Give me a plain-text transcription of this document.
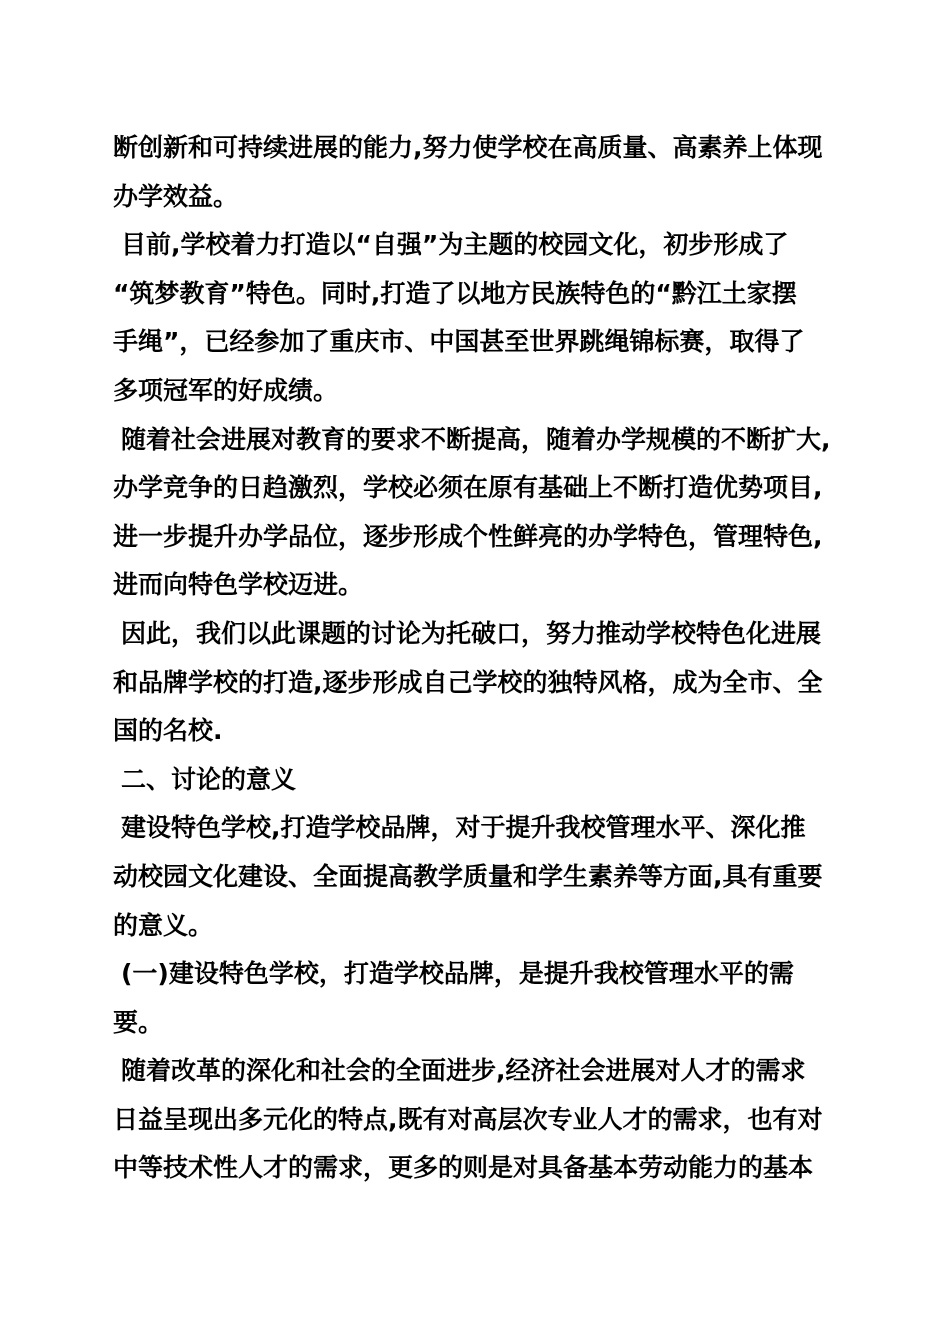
断创新和可持续进展的能力,努力使学校在高质量、高素养上体现
办学效益。
目前,学校着力打造以“自强”为主题的校园文化，初步形成了
“筑梦教育”特色。同时,打造了以地方民族特色的“黔江土家摆
手绳”，已经参加了重庆市、中国甚至世界跳绳锦标赛，取得了
多项冠军的好成绩。
随着社会进展对教育的要求不断提高，随着办学规模的不断扩大,
办学竞争的日趋激烈，学校必须在原有基础上不断打造优势项目,
进一步提升办学品位，逐步形成个性鲜亮的办学特色，管理特色,
进而向特色学校迈进。
因此，我们以此课题的讨论为托破口，努力推动学校特色化进展
和品牌学校的打造,逐步形成自己学校的独特风格，成为全市、全
国的名校.
二、讨论的意义
建设特色学校,打造学校品牌，对于提升我校管理水平、深化推
动校园文化建设、全面提高教学质量和学生素养等方面,具有重要
的意义。
(一)建设特色学校，打造学校品牌，是提升我校管理水平的需
要。
随着改革的深化和社会的全面进步,经济社会进展对人才的需求
日益呈现出多元化的特点,既有对高层次专业人才的需求，也有对
中等技术性人才的需求，更多的则是对具备基本劳动能力的基本
